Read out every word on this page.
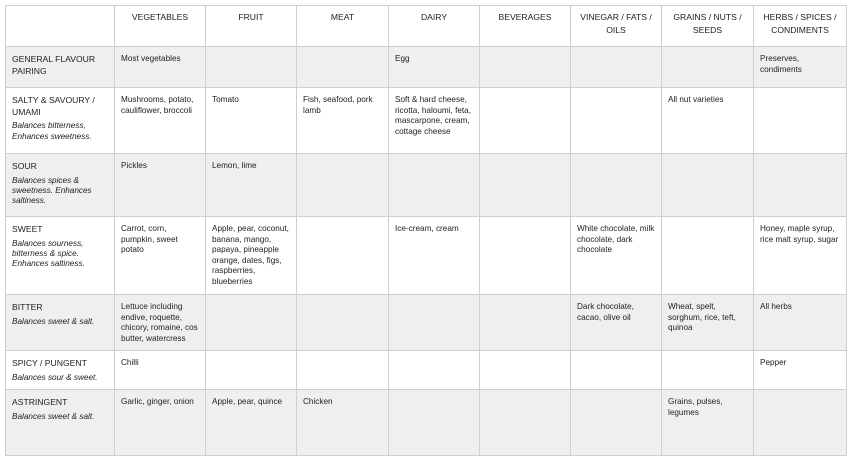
	VEGETABLES	FRUIT	MEAT	DAIRY	BEVERAGES	VINEGAR / FATS / OILS	GRAINS / NUTS / SEEDS	HERBS / SPICES / CONDIMENTS

GENERAL FLAVOUR PAIRING	Most vegetables			Egg				Preserves, condiments

SALTY & SAVOURY / UMAMI
Balances bitterness, Enhances sweetness.	Mushrooms, potato, cauliflower, broccoli	Tomato	Fish, seafood, pork lamb	Soft & hard cheese, ricotta, haloumi, feta, mascarpone, cream, cottage cheese			All nut varieties	

SOUR
Balances spices & sweetness. Enhances saltiness.	Pickles	Lemon, lime						

SWEET
Balances sourness, bitterness & spice. Enhances saltiness.	Carrot, corn, pumpkin, sweet potato	Apple, pear, coconut, banana, mango, papaya, pineapple orange, dates, figs, raspberries, blueberries		Ice-cream, cream		White chocolate, milk chocolate, dark chocolate		Honey, maple syrup, rice malt syrup, sugar

BITTER
Balances sweet & salt.	Lettuce including endive, roquette, chicory, romaine, cos butter, watercress					Dark chocolate, cacao, olive oil	Wheat, spelt, sorghum, rice, teft, quinoa	All herbs

SPICY / PUNGENT
Balances sour & sweet.	Chilli							Pepper

ASTRINGENT
Balances sweet & salt.	Garlic, ginger, onion	Apple, pear, quince	Chicken				Grains, pulses, legumes	
